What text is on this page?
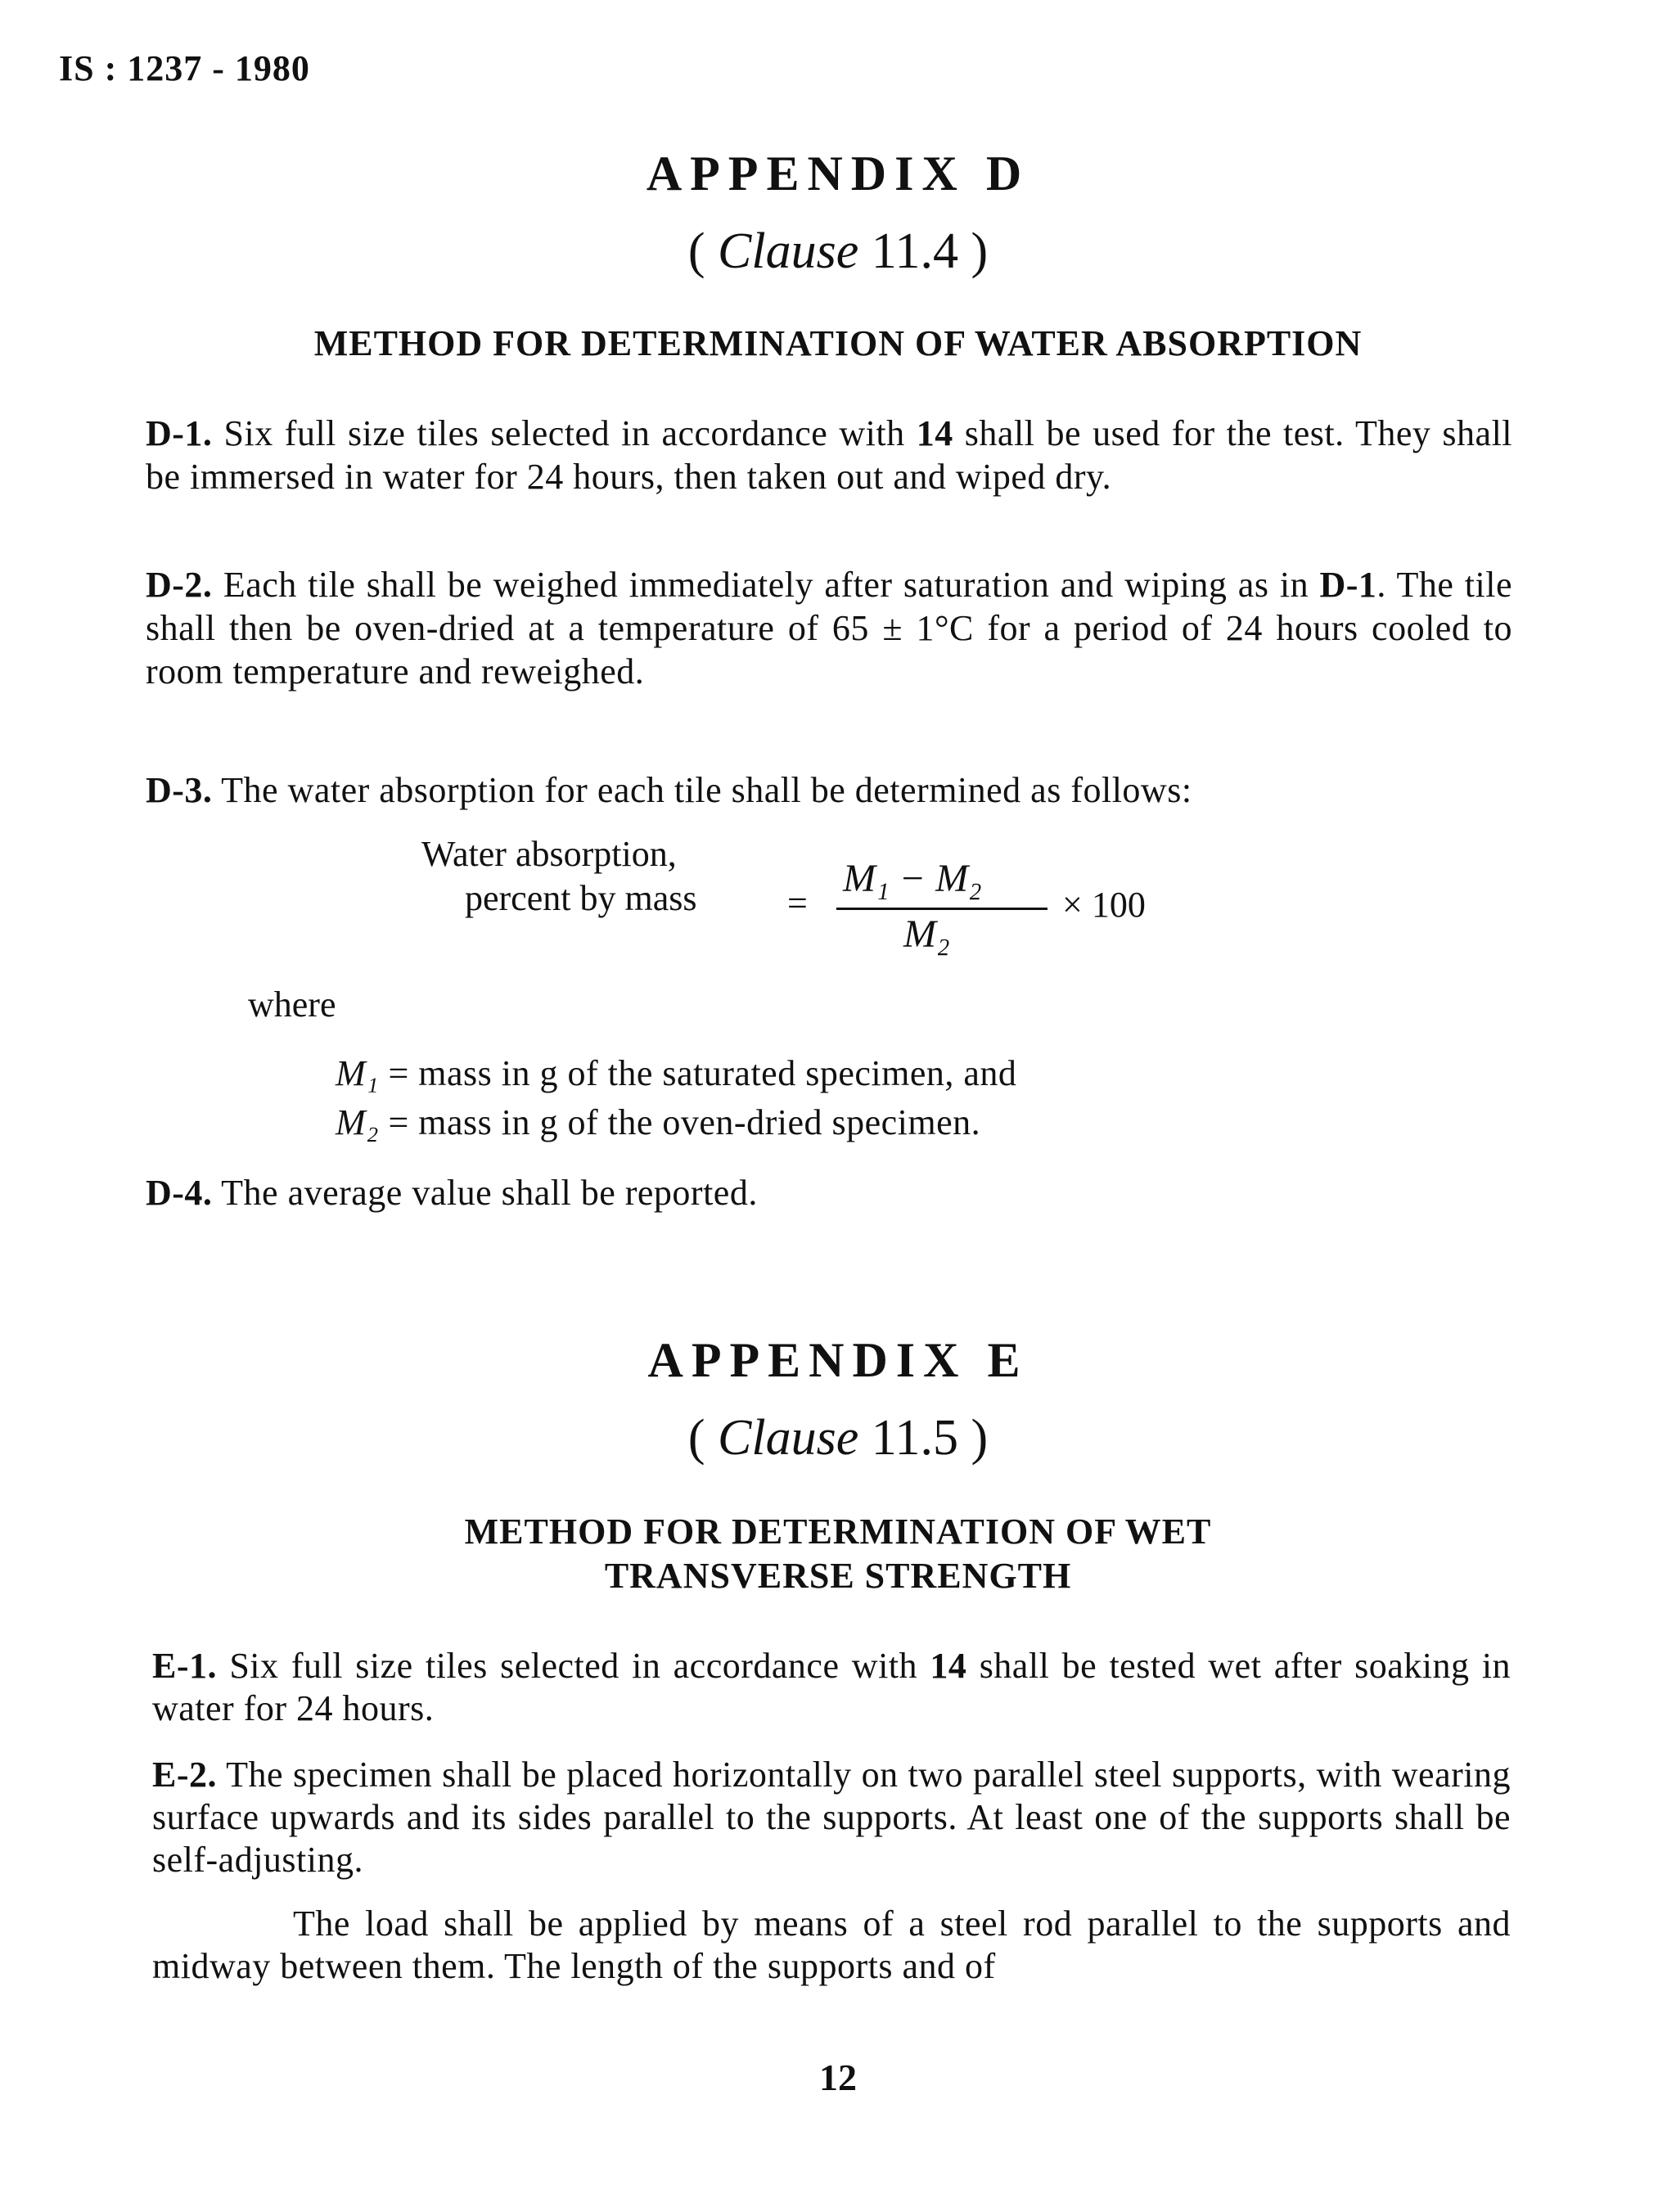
IS : 1237 - 1980
APPENDIX D
( Clause 11.4 )
METHOD FOR DETERMINATION OF WATER ABSORPTION
D-1. Six full size tiles selected in accordance with 14 shall be used for the test. They shall be immersed in water for 24 hours, then taken out and wiped dry.
D-2. Each tile shall be weighed immediately after saturation and wiping as in D-1. The tile shall then be oven-dried at a temperature of 65 ± 1°C for a period of 24 hours cooled to room temperature and reweighed.
D-3. The water absorption for each tile shall be determined as follows:
Water absorption,
percent by mass	=
M₁ − M₂
M₂
× 100
where
M₁ = mass in g of the saturated specimen, and
M₂ = mass in g of the oven-dried specimen.
D-4. The average value shall be reported.
APPENDIX E
( Clause 11.5 )
METHOD FOR DETERMINATION OF WET
TRANSVERSE STRENGTH
E-1. Six full size tiles selected in accordance with 14 shall be tested wet after soaking in water for 24 hours.
E-2. The specimen shall be placed horizontally on two parallel steel supports, with wearing surface upwards and its sides parallel to the supports. At least one of the supports shall be self-adjusting.
The load shall be applied by means of a steel rod parallel to the supports and midway between them. The length of the supports and of
12
